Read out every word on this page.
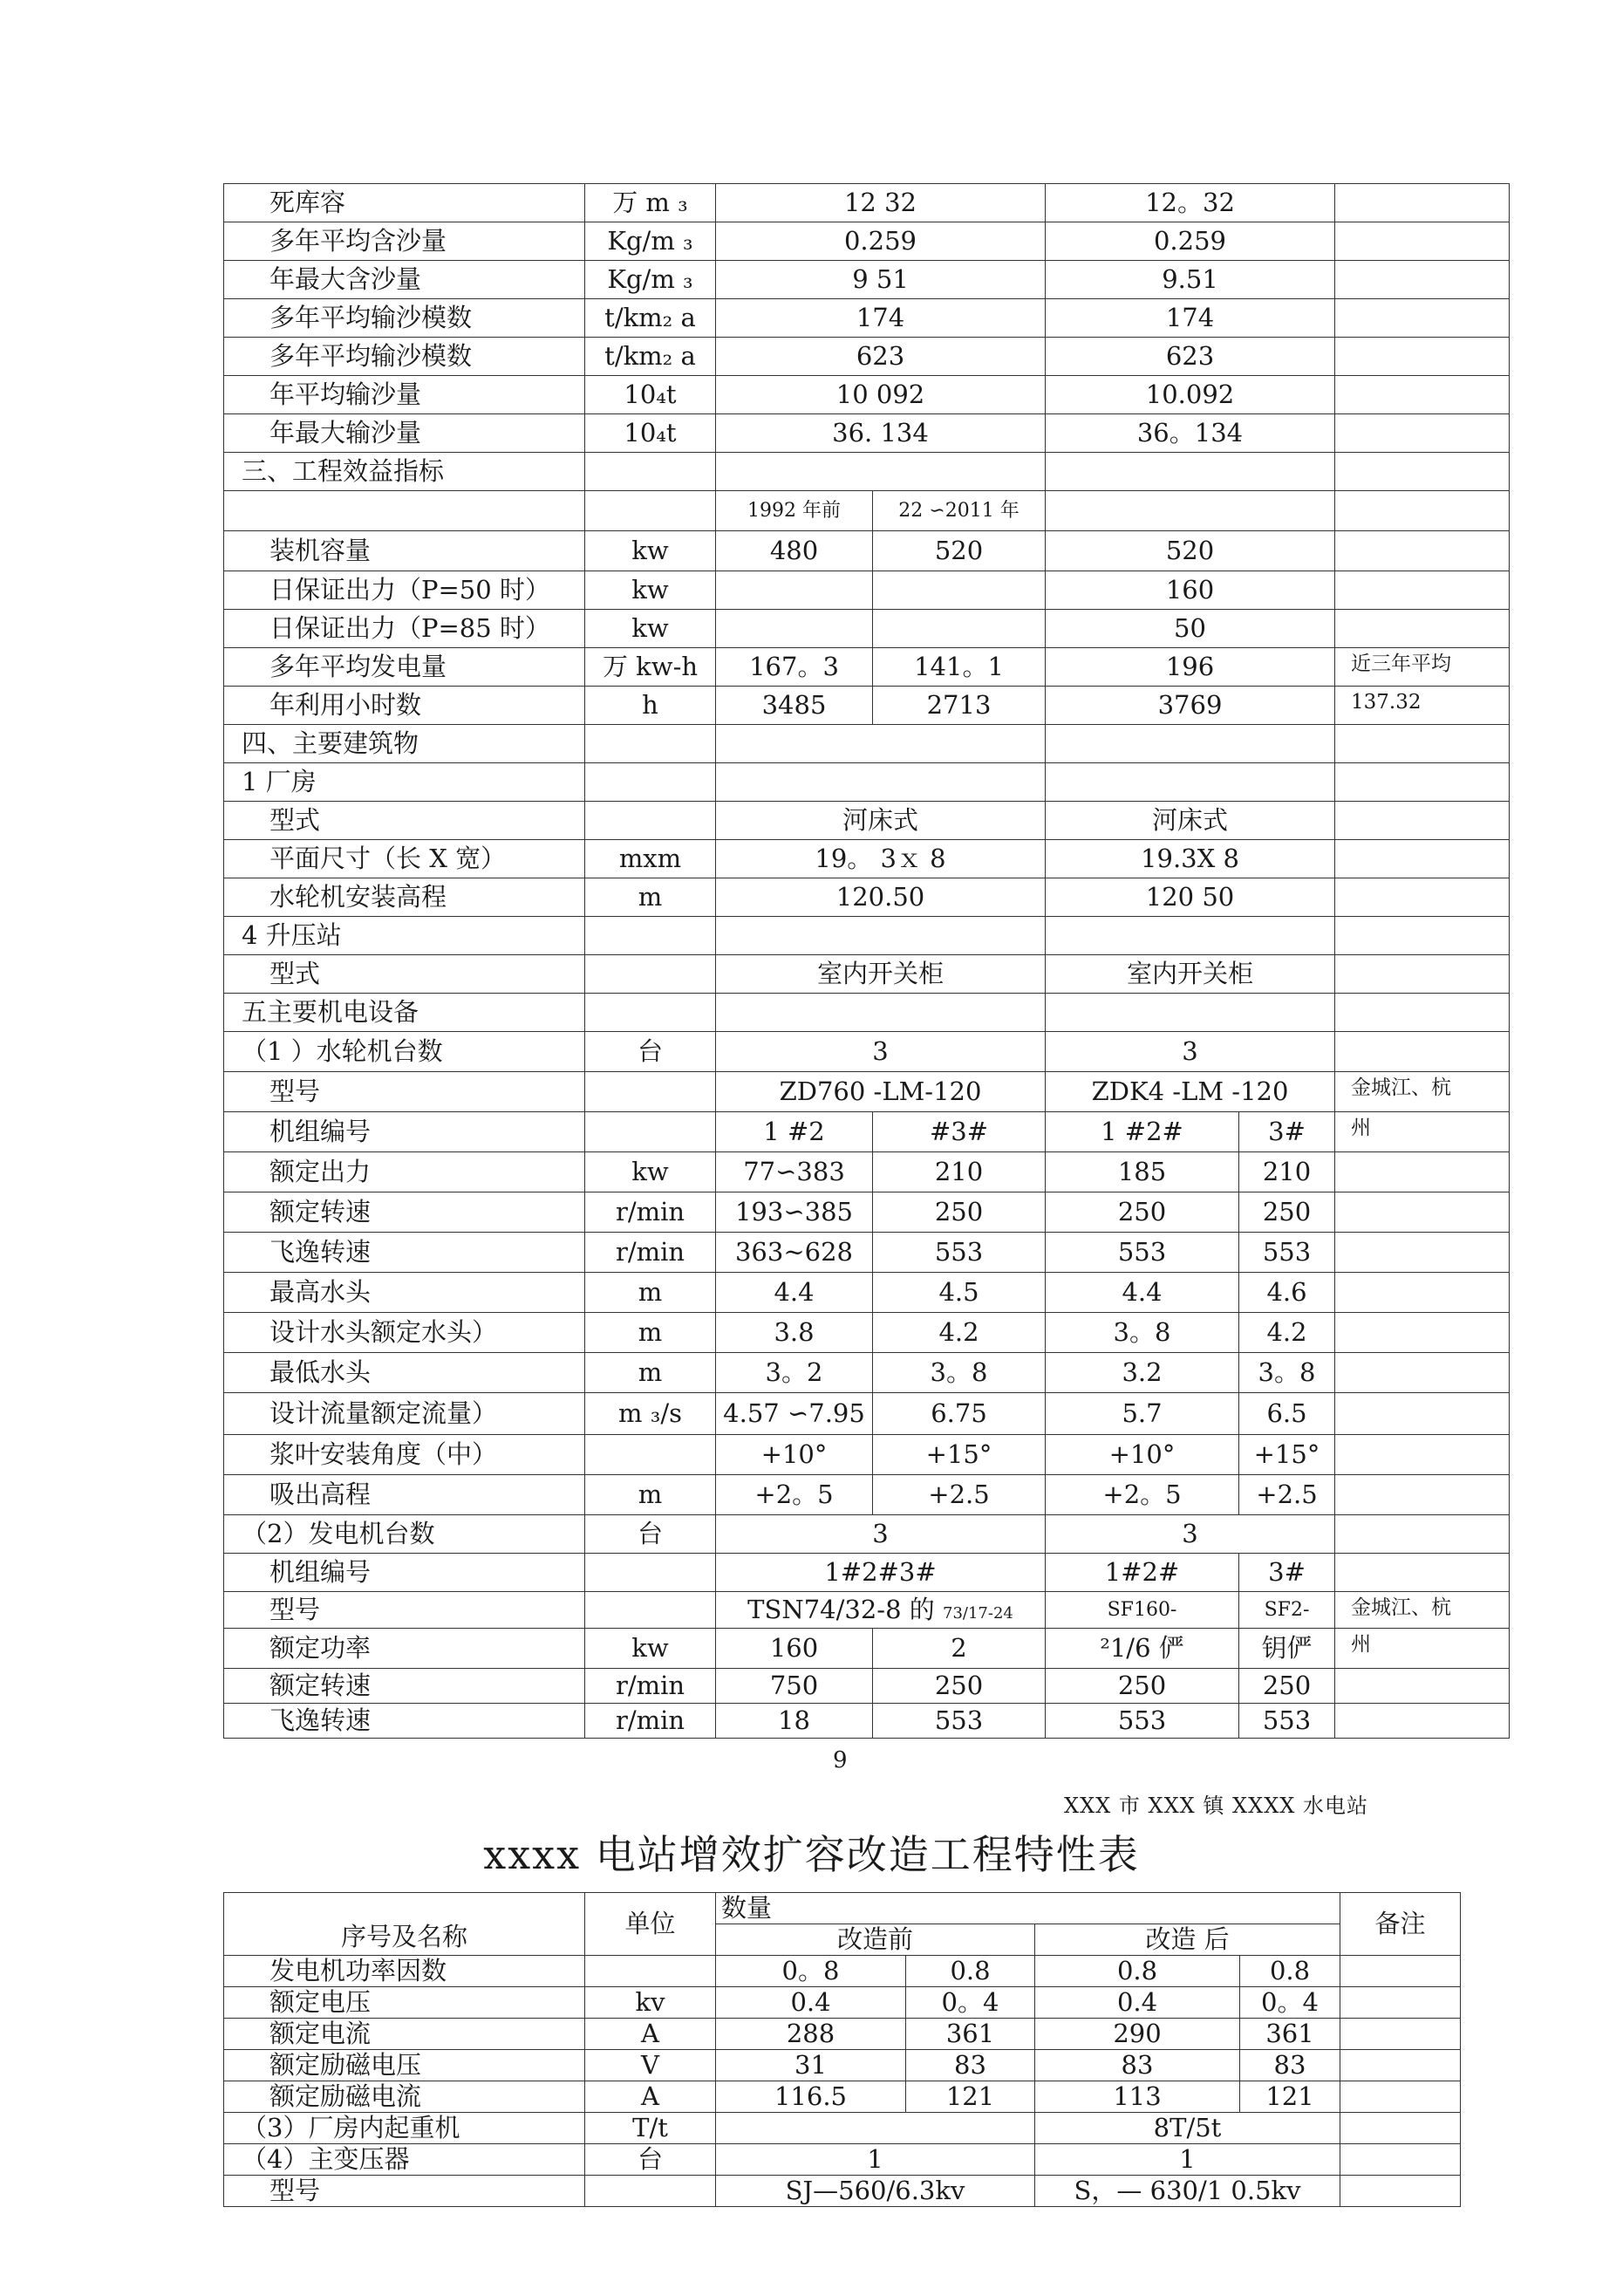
死库容	万 m ₃	12 32		12。32		
多年平均含沙量	Kg/m ₃	0.259		0.259		
年最大含沙量	Kg/m ₃	9 51		9.51		
多年平均输沙模数	t/km₂ a	174		174		
多年平均输沙模数	t/km₂ a	623		623		
年平均输沙量	10₄t	10 092		10.092		
年最大输沙量	10₄t	36. 134		36。134		
三、工程效益指标						
		1992 年前	22 ∽2011 年			
装机容量	kw	480	520	520		
日保证出力（P=50 时）	kw			160		
日保证出力（P=85 时）	kw			50		
多年平均发电量	万 kw-h	167。3	141。1	196		近三年平均
年利用小时数	h	3485	2713	3769		137.32
四、主要建筑物						
1 厂房						
型式		河床式		河床式		
平面尺寸（长 X 宽）	mxm	19。 3ｘ 8		19.3X 8		
水轮机安装高程	m	120.50		120 50		
4 升压站						
型式		室内开关柜		室内开关柜		
五主要机电设备						
（1 ）水轮机台数	台	3		3		
型号		ZD760 -LM-120		ZDK4 -LM -120		金城江、杭
机组编号		1 #2	#3#	1 #2#	3#	州
额定出力	kw	77∽383	210	185	210	
额定转速	r/min	193∽385	250	250	250	
飞逸转速	r/min	363~628	553	553	553	
最高水头	m	4.4	4.5	4.4	4.6	
设计水头额定水头）	m	3.8	4.2	3。8	4.2	
最低水头	m	3。2	3。8	3.2	3。8	
设计流量额定流量）	m ₃/s	4.57 ∽7.95	6.75	5.7	6.5	
浆叶安装角度（中）		+10°	+15°	+10°	+15°	
吸出高程	m	+2。5	+2.5	+2。5	+2.5	
（2）发电机台数	台	3		3		
机组编号		1#2#3#		1#2#	3#	
型号		TSN74/32-8 的 73/17-24		SF160-	SF2-	金城江、杭
额定功率	kw	160	2	²1/6 俨	钥俨	州
额定转速	r/min	750	250	250	250	
飞逸转速	r/min	18	553	553	553	
9
XXX 市 XXX 镇 XXXX 水电站
xxxx 电站增效扩容改造工程特性表
序号及名称	单位	数量				备注
		改造前		改造 后		
发电机功率因数		0。8	0.8	0.8	0.8	
额定电压	kv	0.4	0。4	0.4	0。4	
额定电流	A	288	361	290	361	
额定励磁电压	V	31	83	83	83	
额定励磁电流	A	116.5	121	113	121	
（3）厂房内起重机	T/t			8T/5t		
（4）主变压器	台	1		1		
型号		SJ—560/6.3kv		S，— 630/1 0.5kv		
